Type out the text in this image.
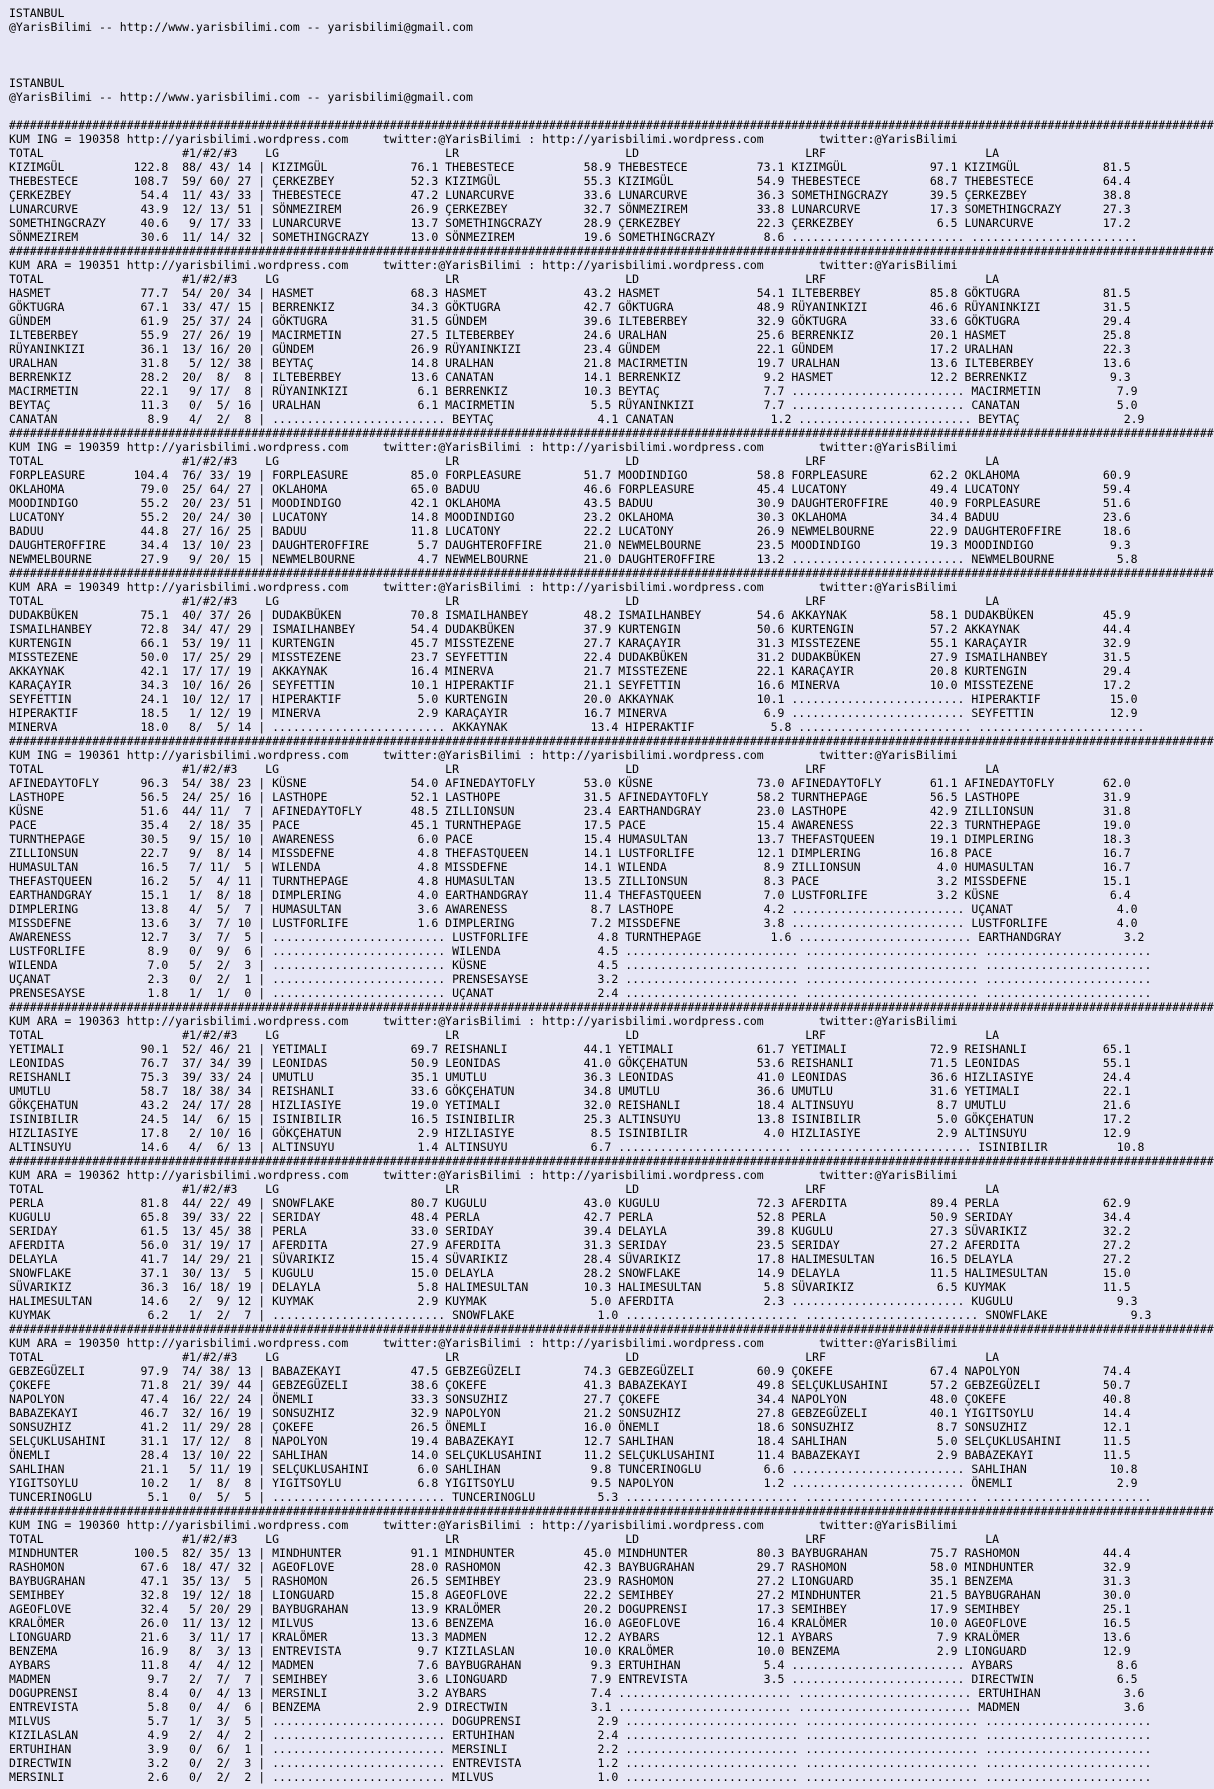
ISTANBUL
@YarisBilimi -- http://www.yarisbilimi.com -- yarisbilimi@gmail.com
ISTANBUL
@YarisBilimi -- http://www.yarisbilimi.com -- yarisbilimi@gmail.com
##############################################################################################################################################################################
KUM ING = 190358 http://yarisbilimi.wordpress.com     twitter:@YarisBilimi : http://yarisbilimi.wordpress.com        twitter:@YarisBilimi
TOTAL                    #1/#2/#3    LG                        LR                        LD                        LRF                       LA
KIZIMGÜL          122.8  88/ 43/ 14 | KIZIMGÜL            76.1 THEBESTECE          58.9 THEBESTECE          73.1 KIZIMGÜL            97.1 KIZIMGÜL            81.5
THEBESTECE        108.7  59/ 60/ 27 | ÇERKEZBEY           52.3 KIZIMGÜL            55.3 KIZIMGÜL            54.9 THEBESTECE          68.7 THEBESTECE          64.4
ÇERKEZBEY          54.4  11/ 43/ 33 | THEBESTECE          47.2 LUNARCURVE          33.6 LUNARCURVE          36.3 SOMETHINGCRAZY      39.5 ÇERKEZBEY           38.8
LUNARCURVE         43.9  12/ 13/ 51 | SÖNMEZIREM          26.9 ÇERKEZBEY           32.7 SÖNMEZIREM          33.8 LUNARCURVE          17.3 SOMETHINGCRAZY      27.3
SOMETHINGCRAZY     40.6   9/ 17/ 33 | LUNARCURVE          13.7 SOMETHINGCRAZY      28.9 ÇERKEZBEY           22.3 ÇERKEZBEY            6.5 LUNARCURVE          17.2
SÖNMEZIREM         30.6  11/ 14/ 32 | SOMETHINGCRAZY      13.0 SÖNMEZIREM          19.6 SOMETHINGCRAZY       8.6 ......................... ........................
##############################################################################################################################################################################
KUM ARA = 190351 http://yarisbilimi.wordpress.com     twitter:@YarisBilimi : http://yarisbilimi.wordpress.com        twitter:@YarisBilimi
TOTAL                    #1/#2/#3    LG                        LR                        LD                        LRF                       LA
HASMET             77.7  54/ 20/ 34 | HASMET              68.3 HASMET              43.2 HASMET              54.1 ILTEBERBEY          85.8 GÖKTUGRA            81.5
GÖKTUGRA           67.1  33/ 47/ 15 | BERRENKIZ           34.3 GÖKTUGRA            42.7 GÖKTUGRA            48.9 RÜYANINKIZI         46.6 RÜYANINKIZI         31.5
GÜNDEM             61.9  25/ 37/ 24 | GÖKTUGRA            31.5 GÜNDEM              39.6 ILTEBERBEY          32.9 GÖKTUGRA            33.6 GÖKTUGRA            29.4
ILTEBERBEY         55.9  27/ 26/ 19 | MACIRMETIN          27.5 ILTEBERBEY          24.6 URALHAN             25.6 BERRENKIZ           20.1 HASMET              25.8
RÜYANINKIZI        36.1  13/ 16/ 20 | GÜNDEM              26.9 RÜYANINKIZI         23.4 GÜNDEM              22.1 GÜNDEM              17.2 URALHAN             22.3
URALHAN            31.8   5/ 12/ 38 | BEYTAÇ              14.8 URALHAN             21.8 MACIRMETIN          19.7 URALHAN             13.6 ILTEBERBEY          13.6
BERRENKIZ          28.2  20/  8/  8 | ILTEBERBEY          13.6 CANATAN             14.1 BERRENKIZ            9.2 HASMET              12.2 BERRENKIZ            9.3
MACIRMETIN         22.1   9/ 17/  8 | RÜYANINKIZI          6.1 BERRENKIZ           10.3 BEYTAÇ               7.7 ......................... MACIRMETIN           7.9
BEYTAÇ             11.3   0/  5/ 16 | URALHAN              6.1 MACIRMETIN           5.5 RÜYANINKIZI          7.7 ......................... CANATAN              5.0
CANATAN             8.9   4/  2/  8 | ......................... BEYTAÇ               4.1 CANATAN              1.2 ......................... BEYTAÇ               2.9
##############################################################################################################################################################################
KUM ING = 190359 http://yarisbilimi.wordpress.com     twitter:@YarisBilimi : http://yarisbilimi.wordpress.com        twitter:@YarisBilimi
TOTAL                    #1/#2/#3    LG                        LR                        LD                        LRF                       LA
FORPLEASURE       104.4  76/ 33/ 19 | FORPLEASURE         85.0 FORPLEASURE         51.7 MOODINDIGO          58.8 FORPLEASURE         62.2 OKLAHOMA            60.9
OKLAHOMA           79.0  25/ 64/ 27 | OKLAHOMA            65.0 BADUU               46.6 FORPLEASURE         45.4 LUCATONY            49.4 LUCATONY            59.4
MOODINDIGO         55.2  20/ 23/ 51 | MOODINDIGO          42.1 OKLAHOMA            43.5 BADUU               30.9 DAUGHTEROFFIRE      40.9 FORPLEASURE         51.6
LUCATONY           55.2  20/ 24/ 30 | LUCATONY            14.8 MOODINDIGO          23.2 OKLAHOMA            30.3 OKLAHOMA            34.4 BADUU               23.6
BADUU              44.8  27/ 16/ 25 | BADUU               11.8 LUCATONY            22.2 LUCATONY            26.9 NEWMELBOURNE        22.9 DAUGHTEROFFIRE      18.6
DAUGHTEROFFIRE     34.4  13/ 10/ 23 | DAUGHTEROFFIRE       5.7 DAUGHTEROFFIRE      21.0 NEWMELBOURNE        23.5 MOODINDIGO          19.3 MOODINDIGO           9.3
NEWMELBOURNE       27.9   9/ 20/ 15 | NEWMELBOURNE         4.7 NEWMELBOURNE        21.0 DAUGHTEROFFIRE      13.2 ......................... NEWMELBOURNE         5.8
##############################################################################################################################################################################
KUM ARA = 190349 http://yarisbilimi.wordpress.com     twitter:@YarisBilimi : http://yarisbilimi.wordpress.com        twitter:@YarisBilimi
TOTAL                    #1/#2/#3    LG                        LR                        LD                        LRF                       LA
DUDAKBÜKEN         75.1  40/ 37/ 26 | DUDAKBÜKEN          70.8 ISMAILHANBEY        48.2 ISMAILHANBEY        54.6 AKKAYNAK            58.1 DUDAKBÜKEN          45.9
ISMAILHANBEY       72.8  34/ 47/ 29 | ISMAILHANBEY        54.4 DUDAKBÜKEN          37.9 KURTENGIN           50.6 KURTENGIN           57.2 AKKAYNAK            44.4
KURTENGIN          66.1  53/ 19/ 11 | KURTENGIN           45.7 MISSTEZENE          27.7 KARAÇAYIR           31.3 MISSTEZENE          55.1 KARAÇAYIR           32.9
MISSTEZENE         50.0  17/ 25/ 29 | MISSTEZENE          23.7 SEYFETTIN           22.4 DUDAKBÜKEN          31.2 DUDAKBÜKEN          27.9 ISMAILHANBEY        31.5
AKKAYNAK           42.1  17/ 17/ 19 | AKKAYNAK            16.4 MINERVA             21.7 MISSTEZENE          22.1 KARAÇAYIR           20.8 KURTENGIN           29.4
KARAÇAYIR          34.3  10/ 16/ 26 | SEYFETTIN           10.1 HIPERAKTIF          21.1 SEYFETTIN           16.6 MINERVA             10.0 MISSTEZENE          17.2
SEYFETTIN          24.1  10/ 12/ 17 | HIPERAKTIF           5.0 KURTENGIN           20.0 AKKAYNAK            10.1 ......................... HIPERAKTIF          15.0
HIPERAKTIF         18.5   1/ 12/ 19 | MINERVA              2.9 KARAÇAYIR           16.7 MINERVA              6.9 ......................... SEYFETTIN           12.9
MINERVA            18.0   8/  5/ 14 | ......................... AKKAYNAK            13.4 HIPERAKTIF           5.8 ......................... ........................
##############################################################################################################################################################################
KUM ING = 190361 http://yarisbilimi.wordpress.com     twitter:@YarisBilimi : http://yarisbilimi.wordpress.com        twitter:@YarisBilimi
TOTAL                    #1/#2/#3    LG                        LR                        LD                        LRF                       LA
AFINEDAYTOFLY      96.3  54/ 38/ 23 | KÜSNE               54.0 AFINEDAYTOFLY       53.0 KÜSNE               73.0 AFINEDAYTOFLY       61.1 AFINEDAYTOFLY       62.0
LASTHOPE           56.5  24/ 25/ 16 | LASTHOPE            52.1 LASTHOPE            31.5 AFINEDAYTOFLY       58.2 TURNTHEPAGE         56.5 LASTHOPE            31.9
KÜSNE              51.6  44/ 11/  7 | AFINEDAYTOFLY       48.5 ZILLIONSUN          23.4 EARTHANDGRAY        23.0 LASTHOPE            42.9 ZILLIONSUN          31.8
PACE               35.4   2/ 18/ 35 | PACE                45.1 TURNTHEPAGE         17.5 PACE                15.4 AWARENESS           22.3 TURNTHEPAGE         19.0
TURNTHEPAGE        30.5   9/ 15/ 10 | AWARENESS            6.0 PACE                15.4 HUMASULTAN          13.7 THEFASTQUEEN        19.1 DIMPLERING          18.3
ZILLIONSUN         22.7   9/  8/ 14 | MISSDEFNE            4.8 THEFASTQUEEN        14.1 LUSTFORLIFE         12.1 DIMPLERING          16.8 PACE                16.7
HUMASULTAN         16.5   7/ 11/  5 | WILENDA              4.8 MISSDEFNE           14.1 WILENDA              8.9 ZILLIONSUN           4.0 HUMASULTAN          16.7
THEFASTQUEEN       16.2   5/  4/ 11 | TURNTHEPAGE          4.8 HUMASULTAN          13.5 ZILLIONSUN           8.3 PACE                 3.2 MISSDEFNE           15.1
EARTHANDGRAY       15.1   1/  8/ 18 | DIMPLERING           4.0 EARTHANDGRAY        11.4 THEFASTQUEEN         7.0 LUSTFORLIFE          3.2 KÜSNE                6.4
DIMPLERING         13.8   4/  5/  7 | HUMASULTAN           3.6 AWARENESS            8.7 LASTHOPE             4.2 ......................... UÇANAT               4.0
MISSDEFNE          13.6   3/  7/ 10 | LUSTFORLIFE          1.6 DIMPLERING           7.2 MISSDEFNE            3.8 ......................... LUSTFORLIFE          4.0
AWARENESS          12.7   3/  7/  5 | ......................... LUSTFORLIFE          4.8 TURNTHEPAGE          1.6 ......................... EARTHANDGRAY         3.2
LUSTFORLIFE         8.9   0/  9/  6 | ......................... WILENDA              4.5 ......................... ......................... ........................
WILENDA             7.0   5/  2/  3 | ......................... KÜSNE                4.5 ......................... ......................... ........................
UÇANAT              2.3   0/  2/  1 | ......................... PRENSESAYSE          3.2 ......................... ......................... ........................
PRENSESAYSE         1.8   1/  1/  0 | ......................... UÇANAT               2.4 ......................... ......................... ........................
##############################################################################################################################################################################
KUM ARA = 190363 http://yarisbilimi.wordpress.com     twitter:@YarisBilimi : http://yarisbilimi.wordpress.com        twitter:@YarisBilimi
TOTAL                    #1/#2/#3    LG                        LR                        LD                        LRF                       LA
YETIMALI           90.1  52/ 46/ 21 | YETIMALI            69.7 REISHANLI           44.1 YETIMALI            61.7 YETIMALI            72.9 REISHANLI           65.1
LEONIDAS           76.7  37/ 34/ 39 | LEONIDAS            50.9 LEONIDAS            41.0 GÖKÇEHATUN          53.6 REISHANLI           71.5 LEONIDAS            55.1
REISHANLI          75.3  39/ 33/ 24 | UMUTLU              35.1 UMUTLU              36.3 LEONIDAS            41.0 LEONIDAS            36.6 HIZLIASIYE          24.4
UMUTLU             58.7  18/ 38/ 34 | REISHANLI           33.6 GÖKÇEHATUN          34.8 UMUTLU              36.6 UMUTLU              31.6 YETIMALI            22.1
GÖKÇEHATUN         43.2  24/ 17/ 28 | HIZLIASIYE          19.0 YETIMALI            32.0 REISHANLI           18.4 ALTINSUYU            8.7 UMUTLU              21.6
ISINIBILIR         24.5  14/  6/ 15 | ISINIBILIR          16.5 ISINIBILIR          25.3 ALTINSUYU           13.8 ISINIBILIR           5.0 GÖKÇEHATUN          17.2
HIZLIASIYE         17.8   2/ 10/ 16 | GÖKÇEHATUN           2.9 HIZLIASIYE           8.5 ISINIBILIR           4.0 HIZLIASIYE           2.9 ALTINSUYU           12.9
ALTINSUYU          14.6   4/  6/ 13 | ALTINSUYU            1.4 ALTINSUYU            6.7 ......................... ......................... ISINIBILIR          10.8
##############################################################################################################################################################################
KUM ARA = 190362 http://yarisbilimi.wordpress.com     twitter:@YarisBilimi : http://yarisbilimi.wordpress.com        twitter:@YarisBilimi
TOTAL                    #1/#2/#3    LG                        LR                        LD                        LRF                       LA
PERLA              81.8  44/ 22/ 49 | SNOWFLAKE           80.7 KUGULU              43.0 KUGULU              72.3 AFERDITA            89.4 PERLA               62.9
KUGULU             65.8  39/ 33/ 22 | SERIDAY             48.4 PERLA               42.7 PERLA               52.8 PERLA               50.9 SERIDAY             34.4
SERIDAY            61.5  13/ 45/ 38 | PERLA               33.0 SERIDAY             39.4 DELAYLA             39.8 KUGULU              27.3 SÜVARIKIZ           32.2
AFERDITA           56.0  31/ 19/ 17 | AFERDITA            27.9 AFERDITA            31.3 SERIDAY             23.5 SERIDAY             27.2 AFERDITA            27.2
DELAYLA            41.7  14/ 29/ 21 | SÜVARIKIZ           15.4 SÜVARIKIZ           28.4 SÜVARIKIZ           17.8 HALIMESULTAN        16.5 DELAYLA             27.2
SNOWFLAKE          37.1  30/ 13/  5 | KUGULU              15.0 DELAYLA             28.2 SNOWFLAKE           14.9 DELAYLA             11.5 HALIMESULTAN        15.0
SÜVARIKIZ          36.3  16/ 18/ 19 | DELAYLA              5.8 HALIMESULTAN        10.3 HALIMESULTAN         5.8 SÜVARIKIZ            6.5 KUYMAK              11.5
HALIMESULTAN       14.6   2/  9/ 12 | KUYMAK               2.9 KUYMAK               5.0 AFERDITA             2.3 ......................... KUGULU               9.3
KUYMAK              6.2   1/  2/  7 | ......................... SNOWFLAKE            1.0 ......................... ......................... SNOWFLAKE            9.3
##############################################################################################################################################################################
KUM ARA = 190350 http://yarisbilimi.wordpress.com     twitter:@YarisBilimi : http://yarisbilimi.wordpress.com        twitter:@YarisBilimi
TOTAL                    #1/#2/#3    LG                        LR                        LD                        LRF                       LA
GEBZEGÜZELI        97.9  74/ 38/ 13 | BABAZEKAYI          47.5 GEBZEGÜZELI         74.3 GEBZEGÜZELI         60.9 ÇOKEFE              67.4 NAPOLYON            74.4
ÇOKEFE             71.8  21/ 39/ 44 | GEBZEGÜZELI         38.6 ÇOKEFE              41.3 BABAZEKAYI          49.8 SELÇUKLUSAHINI      57.2 GEBZEGÜZELI         50.7
NAPOLYON           47.4  16/ 22/ 24 | ÖNEMLI              33.3 SONSUZHIZ           27.7 ÇOKEFE              34.4 NAPOLYON            48.0 ÇOKEFE              40.8
BABAZEKAYI         46.7  32/ 16/ 19 | SONSUZHIZ           32.9 NAPOLYON            21.2 SONSUZHIZ           27.8 GEBZEGÜZELI         40.1 YIGITSOYLU          14.4
SONSUZHIZ          41.2  11/ 29/ 28 | ÇOKEFE              26.5 ÖNEMLI              16.0 ÖNEMLI              18.6 SONSUZHIZ            8.7 SONSUZHIZ           12.1
SELÇUKLUSAHINI     31.1  17/ 12/  8 | NAPOLYON            19.4 BABAZEKAYI          12.7 SAHLIHAN            18.4 SAHLIHAN             5.0 SELÇUKLUSAHINI      11.5
ÖNEMLI             28.4  13/ 10/ 22 | SAHLIHAN            14.0 SELÇUKLUSAHINI      11.2 SELÇUKLUSAHINI      11.4 BABAZEKAYI           2.9 BABAZEKAYI          11.5
SAHLIHAN           21.1   5/ 11/ 19 | SELÇUKLUSAHINI       6.0 SAHLIHAN             9.8 TUNCERINOGLU         6.6 ......................... SAHLIHAN            10.8
YIGITSOYLU         10.2   1/  8/  8 | YIGITSOYLU           6.8 YIGITSOYLU           9.5 NAPOLYON             1.2 ......................... ÖNEMLI               2.9
TUNCERINOGLU        5.1   0/  5/  5 | ......................... TUNCERINOGLU         5.3 ......................... ......................... ........................
##############################################################################################################################################################################
KUM ING = 190360 http://yarisbilimi.wordpress.com     twitter:@YarisBilimi : http://yarisbilimi.wordpress.com        twitter:@YarisBilimi
TOTAL                    #1/#2/#3    LG                        LR                        LD                        LRF                       LA
MINDHUNTER        100.5  82/ 35/ 13 | MINDHUNTER          91.1 MINDHUNTER          45.0 MINDHUNTER          80.3 BAYBUGRAHAN         75.7 RASHOMON            44.4
RASHOMON           67.6  18/ 47/ 32 | AGEOFLOVE           28.0 RASHOMON            42.3 BAYBUGRAHAN         29.7 RASHOMON            58.0 MINDHUNTER          32.9
BAYBUGRAHAN        47.1  35/ 13/  5 | RASHOMON            26.5 SEMIHBEY            23.9 RASHOMON            27.2 LIONGUARD           35.1 BENZEMA             31.3
SEMIHBEY           32.8  19/ 12/ 18 | LIONGUARD           15.8 AGEOFLOVE           22.2 SEMIHBEY            27.2 MINDHUNTER          21.5 BAYBUGRAHAN         30.0
AGEOFLOVE          32.4   5/ 20/ 29 | BAYBUGRAHAN         13.9 KRALÖMER            20.2 DOGUPRENSI          17.3 SEMIHBEY            17.9 SEMIHBEY            25.1
KRALÖMER           26.0  11/ 13/ 12 | MILVUS              13.6 BENZEMA             16.0 AGEOFLOVE           16.4 KRALÖMER            10.0 AGEOFLOVE           16.5
LIONGUARD          21.6   3/ 11/ 17 | KRALÖMER            13.3 MADMEN              12.2 AYBARS              12.1 AYBARS               7.9 KRALÖMER            13.6
BENZEMA            16.9   8/  3/ 13 | ENTREVISTA           9.7 KIZILASLAN          10.0 KRALÖMER            10.0 BENZEMA              2.9 LIONGUARD           12.9
AYBARS             11.8   4/  4/ 12 | MADMEN               7.6 BAYBUGRAHAN          9.3 ERTUHIHAN            5.4 ......................... AYBARS               8.6
MADMEN              9.7   2/  7/  7 | SEMIHBEY             3.6 LIONGUARD            7.9 ENTREVISTA           3.5 ......................... DIRECTWIN            6.5
DOGUPRENSI          8.4   0/  4/ 13 | MERSINLI             3.2 AYBARS               7.4 ......................... ......................... ERTUHIHAN            3.6
ENTREVISTA          5.8   0/  4/  6 | BENZEMA              2.9 DIRECTWIN            3.1 ......................... ......................... MADMEN               3.6
MILVUS              5.7   1/  3/  5 | ......................... DOGUPRENSI           2.9 ......................... ......................... ........................
KIZILASLAN          4.9   2/  4/  2 | ......................... ERTUHIHAN            2.4 ......................... ......................... ........................
ERTUHIHAN           3.9   0/  6/  1 | ......................... MERSINLI             2.2 ......................... ......................... ........................
DIRECTWIN           3.2   0/  2/  3 | ......................... ENTREVISTA           1.2 ......................... ......................... ........................
MERSINLI            2.6   0/  2/  2 | ......................... MILVUS               1.0 ......................... ......................... ........................
